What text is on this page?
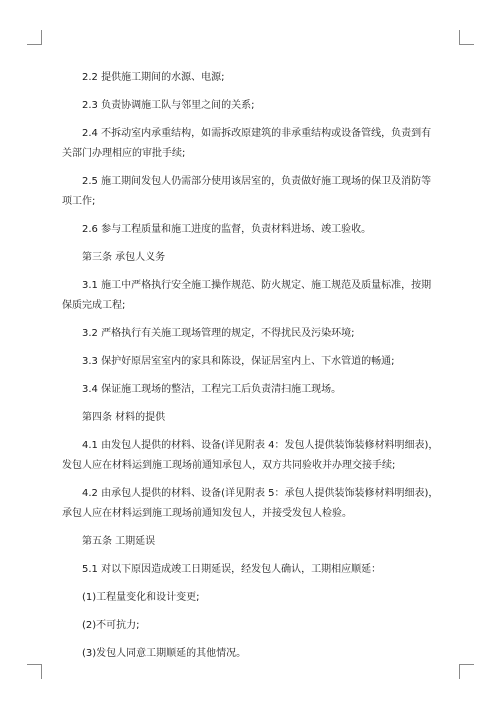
2.2 提供施工期间的水源、电源;

2.3 负责协调施工队与邻里之间的关系;

2.4 不拆动室内承重结构，如需拆改原建筑的非承重结构或设备管线，负责到有
关部门办理相应的审批手续;

2.5 施工期间发包人仍需部分使用该居室的，负责做好施工现场的保卫及消防等
项工作;

2.6 参与工程质量和施工进度的监督，负责材料进场、竣工验收。

第三条 承包人义务

3.1 施工中严格执行安全施工操作规范、防火规定、施工规范及质量标准，按期
保质完成工程;

3.2 严格执行有关施工现场管理的规定，不得扰民及污染环境;

3.3 保护好原居室室内的家具和陈设，保证居室内上、下水管道的畅通;

3.4 保证施工现场的整洁，工程完工后负责清扫施工现场。

第四条 材料的提供

4.1 由发包人提供的材料、设备(详见附表 4：发包人提供装饰装修材料明细表)，
发包人应在材料运到施工现场前通知承包人，双方共同验收并办理交接手续;

4.2 由承包人提供的材料、设备(详见附表 5：承包人提供装饰装修材料明细表)，
承包人应在材料运到施工现场前通知发包人，并接受发包人检验。

第五条 工期延误

5.1 对以下原因造成竣工日期延误，经发包人确认，工期相应顺延：

(1)工程量变化和设计变更;

(2)不可抗力;

(3)发包人同意工期顺延的其他情况。
